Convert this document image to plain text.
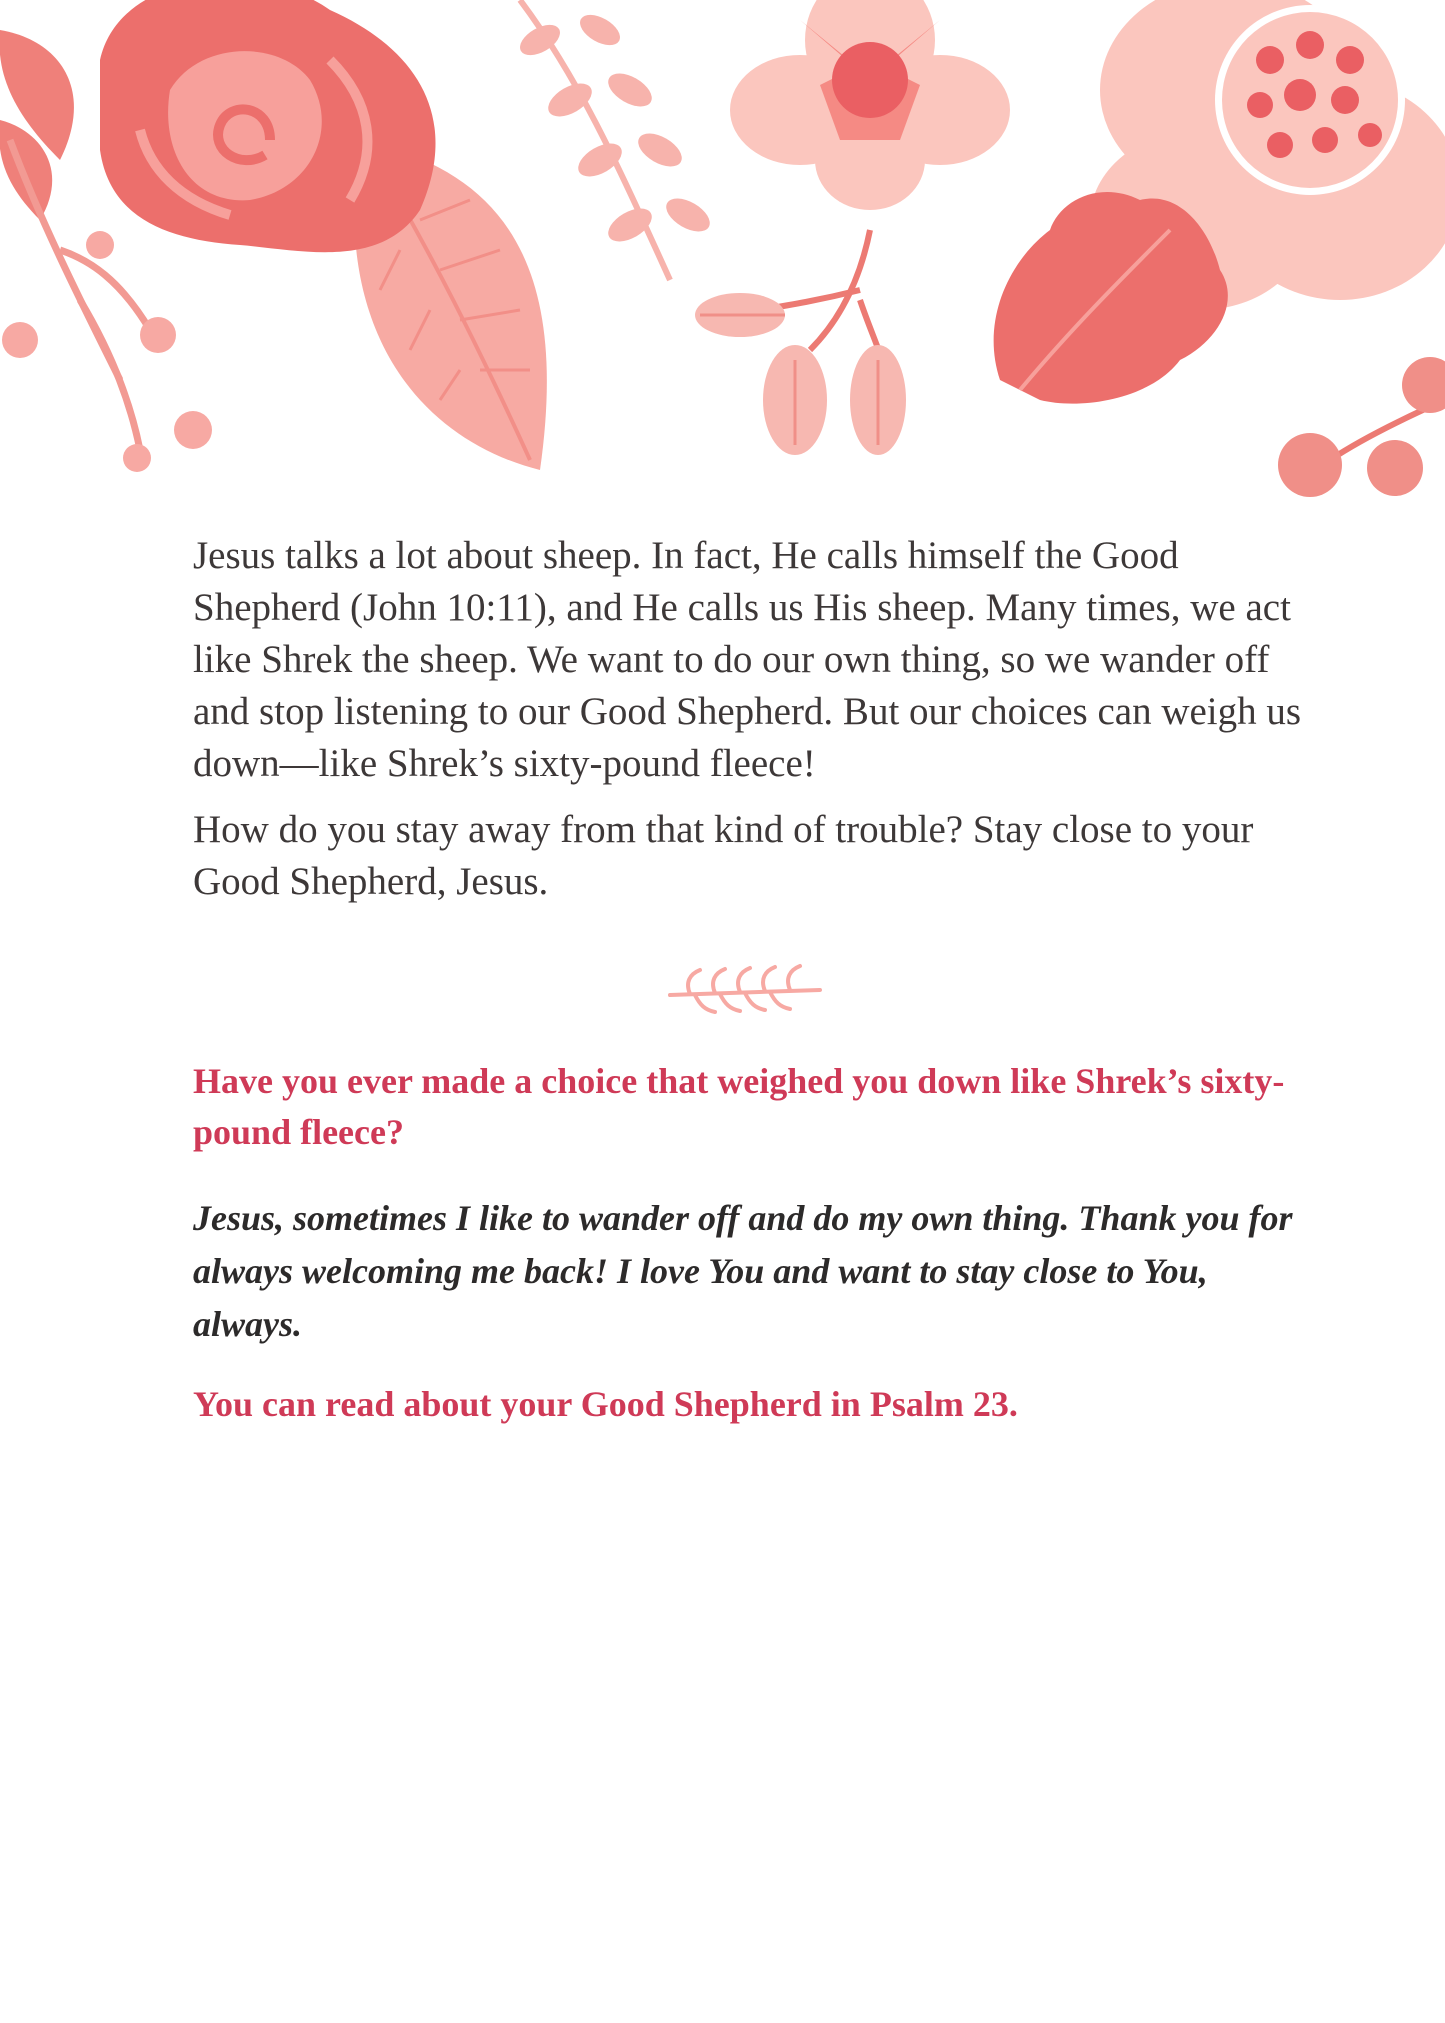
Jesus talks a lot about sheep. In fact, He calls himself the Good Shepherd (John 10:11), and He calls us His sheep. Many times, we act like Shrek the sheep. We want to do our own thing, so we wander off and stop listening to our Good Shepherd. But our choices can weigh us down—like Shrek’s sixty-pound fleece!

How do you stay away from that kind of trouble? Stay close to your Good Shepherd, Jesus.

Have you ever made a choice that weighed you down like Shrek’s sixty-pound fleece?

Jesus, sometimes I like to wander off and do my own thing. Thank you for always welcoming me back! I love You and want to stay close to You, always.

You can read about your Good Shepherd in Psalm 23.
